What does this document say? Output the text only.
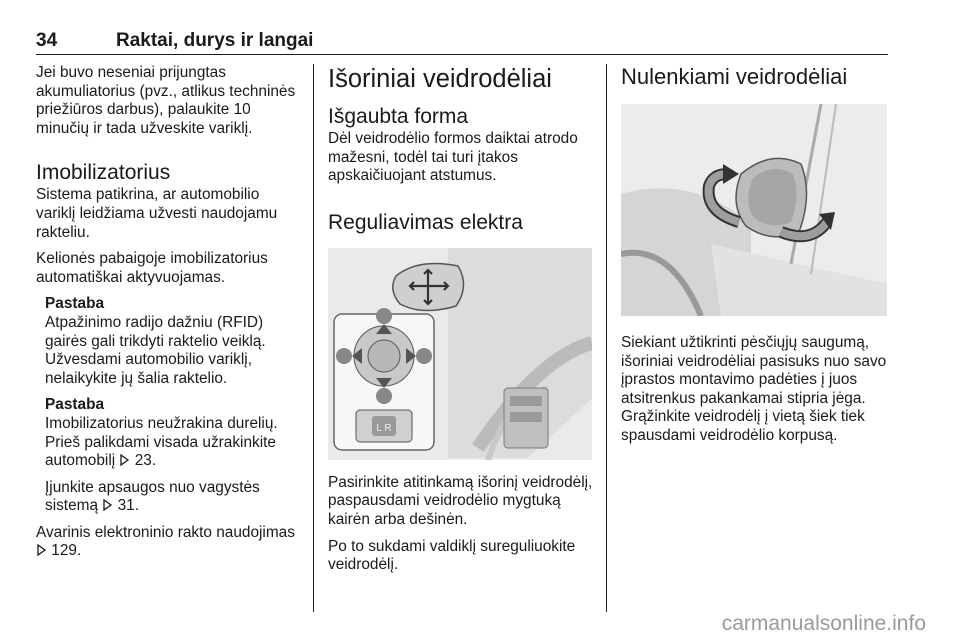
34	Raktai, durys ir langai

Jei buvo neseniai prijungtas akumuliatorius (pvz., atlikus techninės priežiūros darbus), palaukite 10 minučių ir tada užveskite variklį.

Imobilizatorius

Sistema patikrina, ar automobilio variklį leidžiama užvesti naudojamu rakteliu.

Kelionės pabaigoje imobilizatorius automatiškai aktyvuojamas.

Pastaba

Atpažinimo radijo dažniu (RFID) gairės gali trikdyti raktelio veiklą. Užvesdami automobilio variklį, nelaikykite jų šalia raktelio.

Pastaba

Imobilizatorius neužrakina durelių. Prieš palikdami visada užrakinkite automobilį 23.

Įjunkite apsaugos nuo vagystės sistemą 31.

Avarinis elektroninio rakto naudojimas  129.

Išoriniai veidrodėliai
Išgaubta forma

Dėl veidrodėlio formos daiktai atrodo mažesni, todėl tai turi įtakos apskaičiuojant atstumus.

Reguliavimas elektra
L R

Pasirinkite atitinkamą išorinį veidrodėlį, paspausdami veidrodėlio mygtuką kairėn arba dešinėn.

Po to sukdami valdiklį sureguliuokite veidrodėlį.

Nulenkiami veidrodėliai

Siekiant užtikrinti pėsčiųjų saugumą, išoriniai veidrodėliai pasisuks nuo savo įprastos montavimo padėties į juos atsitrenkus pakankamai stipria jėga. Grąžinkite veidrodėlį į vietą šiek tiek spausdami veidrodėlio korpusą.

carmanualsonline.info
